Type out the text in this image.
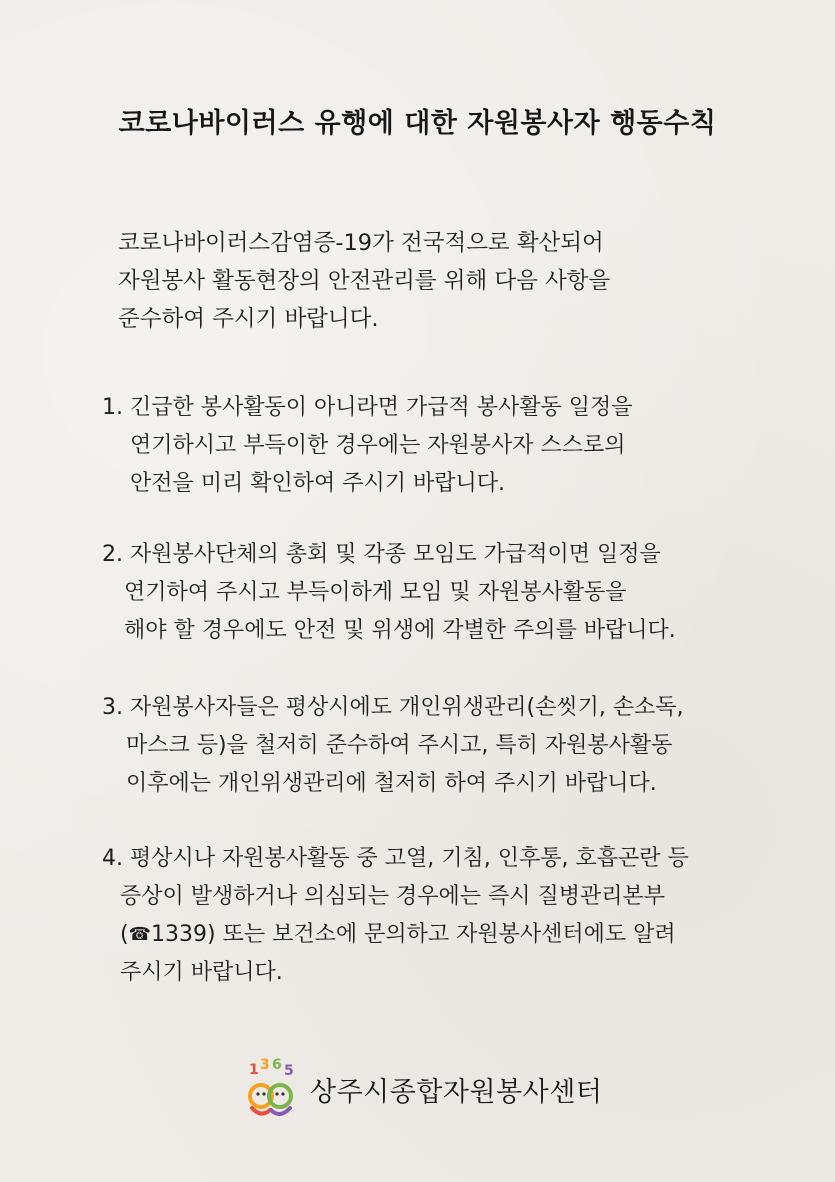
코로나바이러스 유행에 대한 자원봉사자 행동수칙
코로나바이러스감염증-19가 전국적으로 확산되어
자원봉사 활동현장의 안전관리를 위해 다음 사항을
준수하여 주시기 바랍니다.
1. 긴급한 봉사활동이 아니라면 가급적 봉사활동 일정을
연기하시고 부득이한 경우에는 자원봉사자 스스로의
안전을 미리 확인하여 주시기 바랍니다.
2. 자원봉사단체의 총회 및 각종 모임도 가급적이면 일정을
연기하여 주시고 부득이하게 모임 및 자원봉사활동을
해야 할 경우에도 안전 및 위생에 각별한 주의를 바랍니다.
3. 자원봉사자들은 평상시에도 개인위생관리(손씻기, 손소독,
마스크 등)을 철저히 준수하여 주시고, 특히 자원봉사활동
이후에는 개인위생관리에 철저히 하여 주시기 바랍니다.
4. 평상시나 자원봉사활동 중 고열, 기침, 인후통, 호흡곤란 등
증상이 발생하거나 의심되는 경우에는 즉시 질병관리본부
(☎1339) 또는 보건소에 문의하고 자원봉사센터에도 알려
주시기 바랍니다.
1 3 6 5
상주시종합자원봉사센터
